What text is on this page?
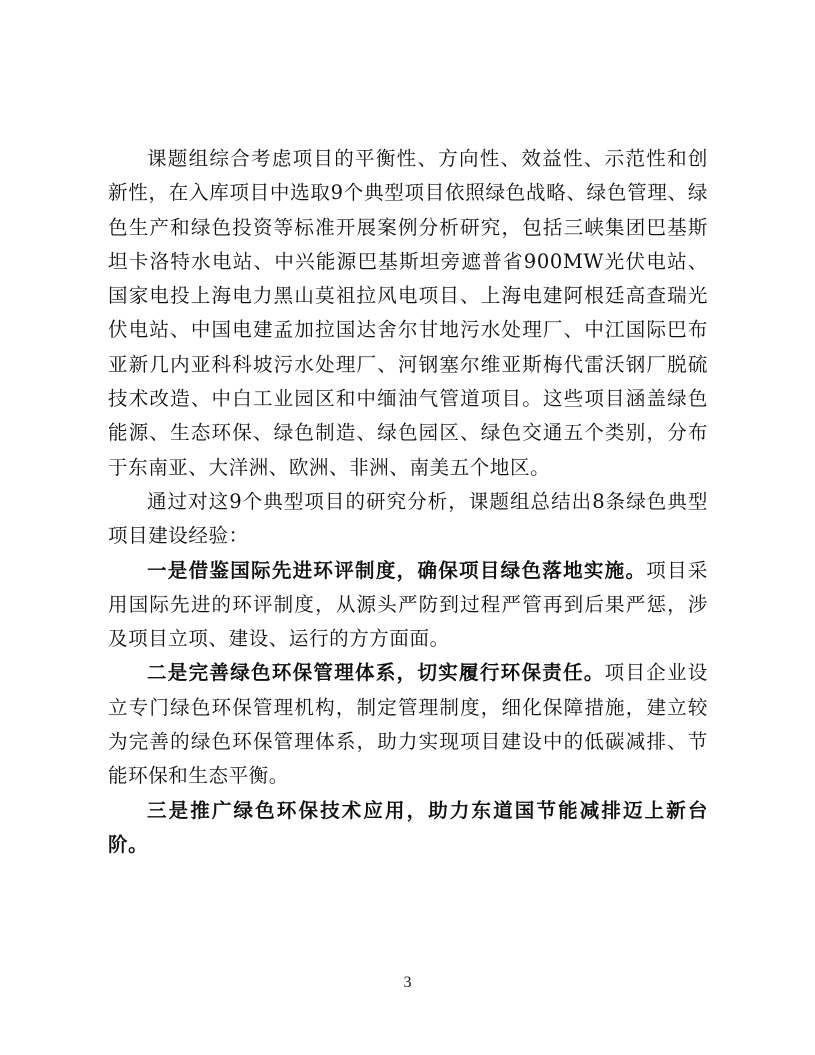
课题组综合考虑项目的平衡性、方向性、效益性、示范性和创新性，在入库项目中选取9个典型项目依照绿色战略、绿色管理、绿色生产和绿色投资等标准开展案例分析研究，包括三峡集团巴基斯坦卡洛特水电站、中兴能源巴基斯坦旁遮普省900MW光伏电站、国家电投上海电力黑山莫祖拉风电项目、上海电建阿根廷高查瑞光伏电站、中国电建孟加拉国达舍尔甘地污水处理厂、中江国际巴布亚新几内亚科科坡污水处理厂、河钢塞尔维亚斯梅代雷沃钢厂脱硫技术改造、中白工业园区和中缅油气管道项目。这些项目涵盖绿色能源、生态环保、绿色制造、绿色园区、绿色交通五个类别，分布于东南亚、大洋洲、欧洲、非洲、南美五个地区。

通过对这9个典型项目的研究分析，课题组总结出8条绿色典型项目建设经验：

一是借鉴国际先进环评制度，确保项目绿色落地实施。项目采用国际先进的环评制度，从源头严防到过程严管再到后果严惩，涉及项目立项、建设、运行的方方面面。

二是完善绿色环保管理体系，切实履行环保责任。项目企业设立专门绿色环保管理机构，制定管理制度，细化保障措施，建立较为完善的绿色环保管理体系，助力实现项目建设中的低碳减排、节能环保和生态平衡。

三是推广绿色环保技术应用，助力东道国节能减排迈上新台阶。

3
